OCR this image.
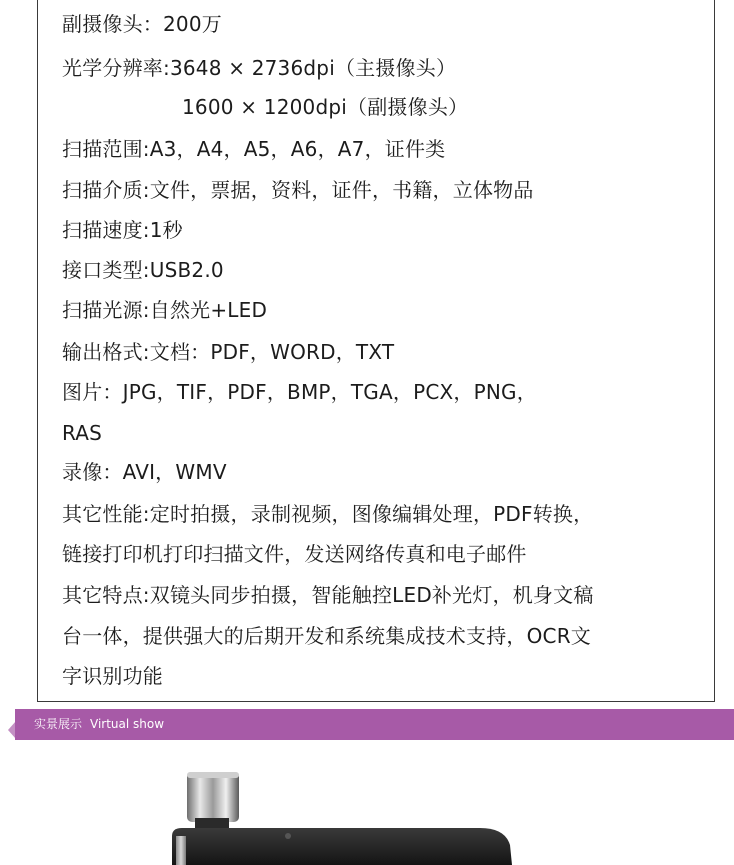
副摄像头：200万
光学分辨率:3648 × 2736dpi（主摄像头）
1600 × 1200dpi（副摄像头）
扫描范围:A3，A4，A5，A6，A7，证件类
扫描介质:文件，票据，资料，证件，书籍，立体物品
扫描速度:1秒
接口类型:USB2.0
扫描光源:自然光+LED
输出格式:文档：PDF，WORD，TXT
图片：JPG，TIF，PDF，BMP，TGA，PCX，PNG，
RAS
录像：AVI，WMV
其它性能:定时拍摄，录制视频，图像编辑处理，PDF转换，
链接打印机打印扫描文件，发送网络传真和电子邮件
其它特点:双镜头同步拍摄，智能触控LED补光灯，机身文稿
台一体，提供强大的后期开发和系统集成技术支持，OCR文
字识别功能
实景展示 Virtual show
